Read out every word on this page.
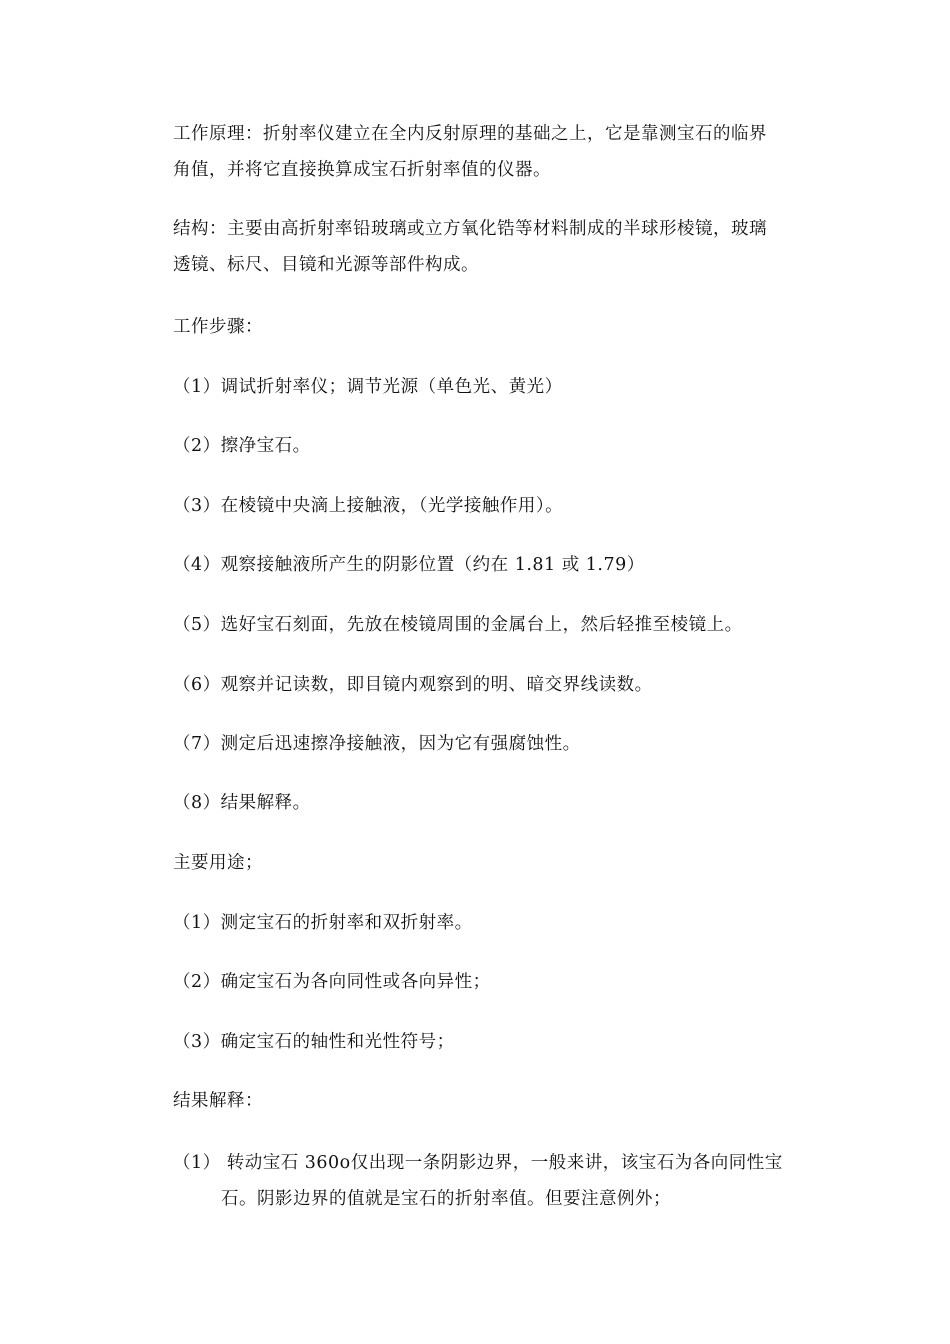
工作原理：折射率仪建立在全内反射原理的基础之上，它是靠测宝石的临界
角值，并将它直接换算成宝石折射率值的仪器。
结构：主要由高折射率铅玻璃或立方氧化锆等材料制成的半球形棱镜，玻璃
透镜、标尺、目镜和光源等部件构成。
工作步骤：
（1）调试折射率仪；调节光源（单色光、黄光）
（2）擦净宝石。
（3）在棱镜中央滴上接触液，（光学接触作用）。
（4）观察接触液所产生的阴影位置（约在 1.81 或 1.79）
（5）选好宝石刻面，先放在棱镜周围的金属台上，然后轻推至棱镜上。
（6）观察并记读数，即目镜内观察到的明、暗交界线读数。
（7）测定后迅速擦净接触液，因为它有强腐蚀性。
（8）结果解释。
主要用途；
（1）测定宝石的折射率和双折射率。
（2）确定宝石为各向同性或各向异性；
（3）确定宝石的轴性和光性符号；
结果解释：
（1） 转动宝石 360o仅出现一条阴影边界，一般来讲，该宝石为各向同性宝
石。阴影边界的值就是宝石的折射率值。但要注意例外；
